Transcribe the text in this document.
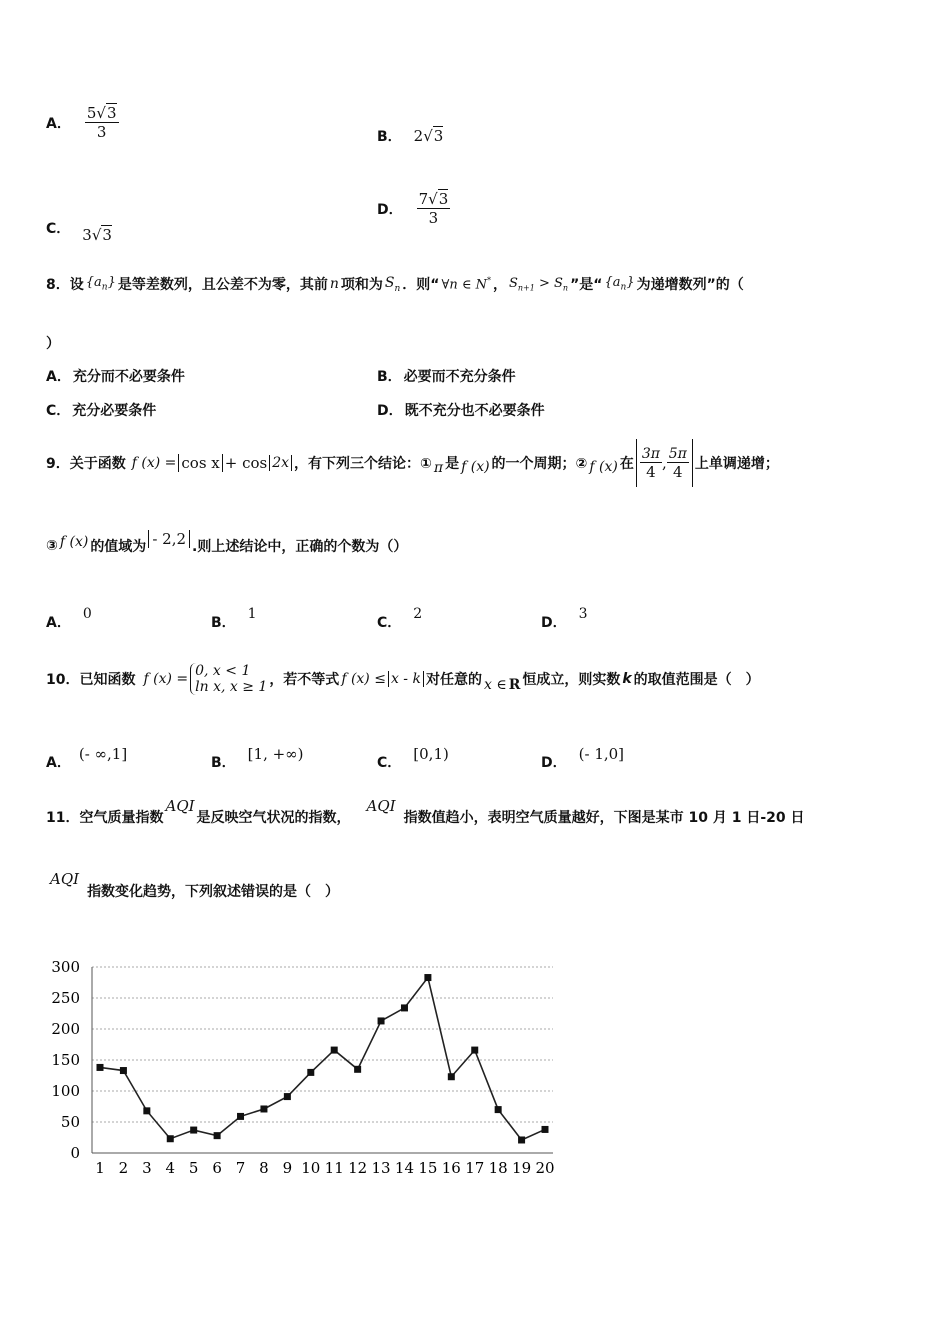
A． $\frac{5√3}{3}$	B． 2√3
C． 3√3
D． $\frac{7√3}{3}$
8．设 $\{a_n\}$ 是等差数列，且公差不为零，其前 n 项和为 $S_n$ ．则“ ∀n ∈ N* ， $S_{n+1} > S_n$ ”是“ $\{a_n\}$ 为递增数列”的（
）
A． 充分而不必要条件	B． 必要而不充分条件
C． 充分必要条件	D． 既不充分也不必要条件
9．关于函数 f (x) = cos x + cos 2x ，有下列三个结论：① π 是 f (x) 的一个周期；② f (x) 在 $\frac{3\pi}{4}$ , $\frac{5\pi}{4}$ 上单调递增；
③ f (x) 的值域为 - 2,2 .则上述结论中，正确的个数为（）
A．
0
B．
1
C．
2
D．
3
10．已知函数 f (x) = 0, x < 1
ln x, x ≥ 1 ，若不等式 f (x) ≤ x - k 对任意的 x ∈ R 恒成立，则实数 k 的取值范围是（　）
A． (- ∞,1]	B． [1, +∞)	C． [0,1)	D． (- 1,0]
11．空气质量指数
AQI
是反映空气状况的指数，
AQI
指数值趋小，表明空气质量越好，下图是某市 10 月 1 日-20 日
AQI
指数变化趋势，下列叙述错误的是（　）
300
250
200
150
100
50
0
1 2 3 4 5 6 7 8 9 10 11 12 13 14 15 16 17 18 19 20
